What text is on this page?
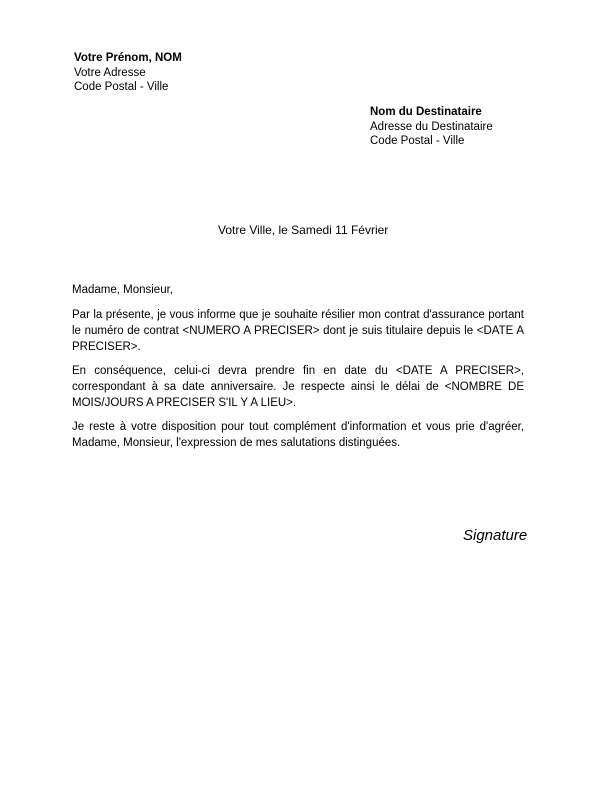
Votre Prénom, NOM
Votre Adresse
Code Postal - Ville
Nom du Destinataire
Adresse du Destinataire
Code Postal - Ville
Votre Ville, le Samedi 11 Février
Madame, Monsieur,

Par la présente, je vous informe que je souhaite résilier mon contrat d'assurance portant le numéro de contrat <NUMERO A PRECISER> dont je suis titulaire depuis le <DATE A PRECISER>.

En conséquence, celui-ci devra prendre fin en date du <DATE A PRECISER>, correspondant à sa date anniversaire. Je respecte ainsi le délai de <NOMBRE DE MOIS/JOURS A PRECISER S'IL Y A LIEU>.

Je reste à votre disposition pour tout complément d'information et vous prie d'agréer, Madame, Monsieur, l'expression de mes salutations distinguées.

Signature
